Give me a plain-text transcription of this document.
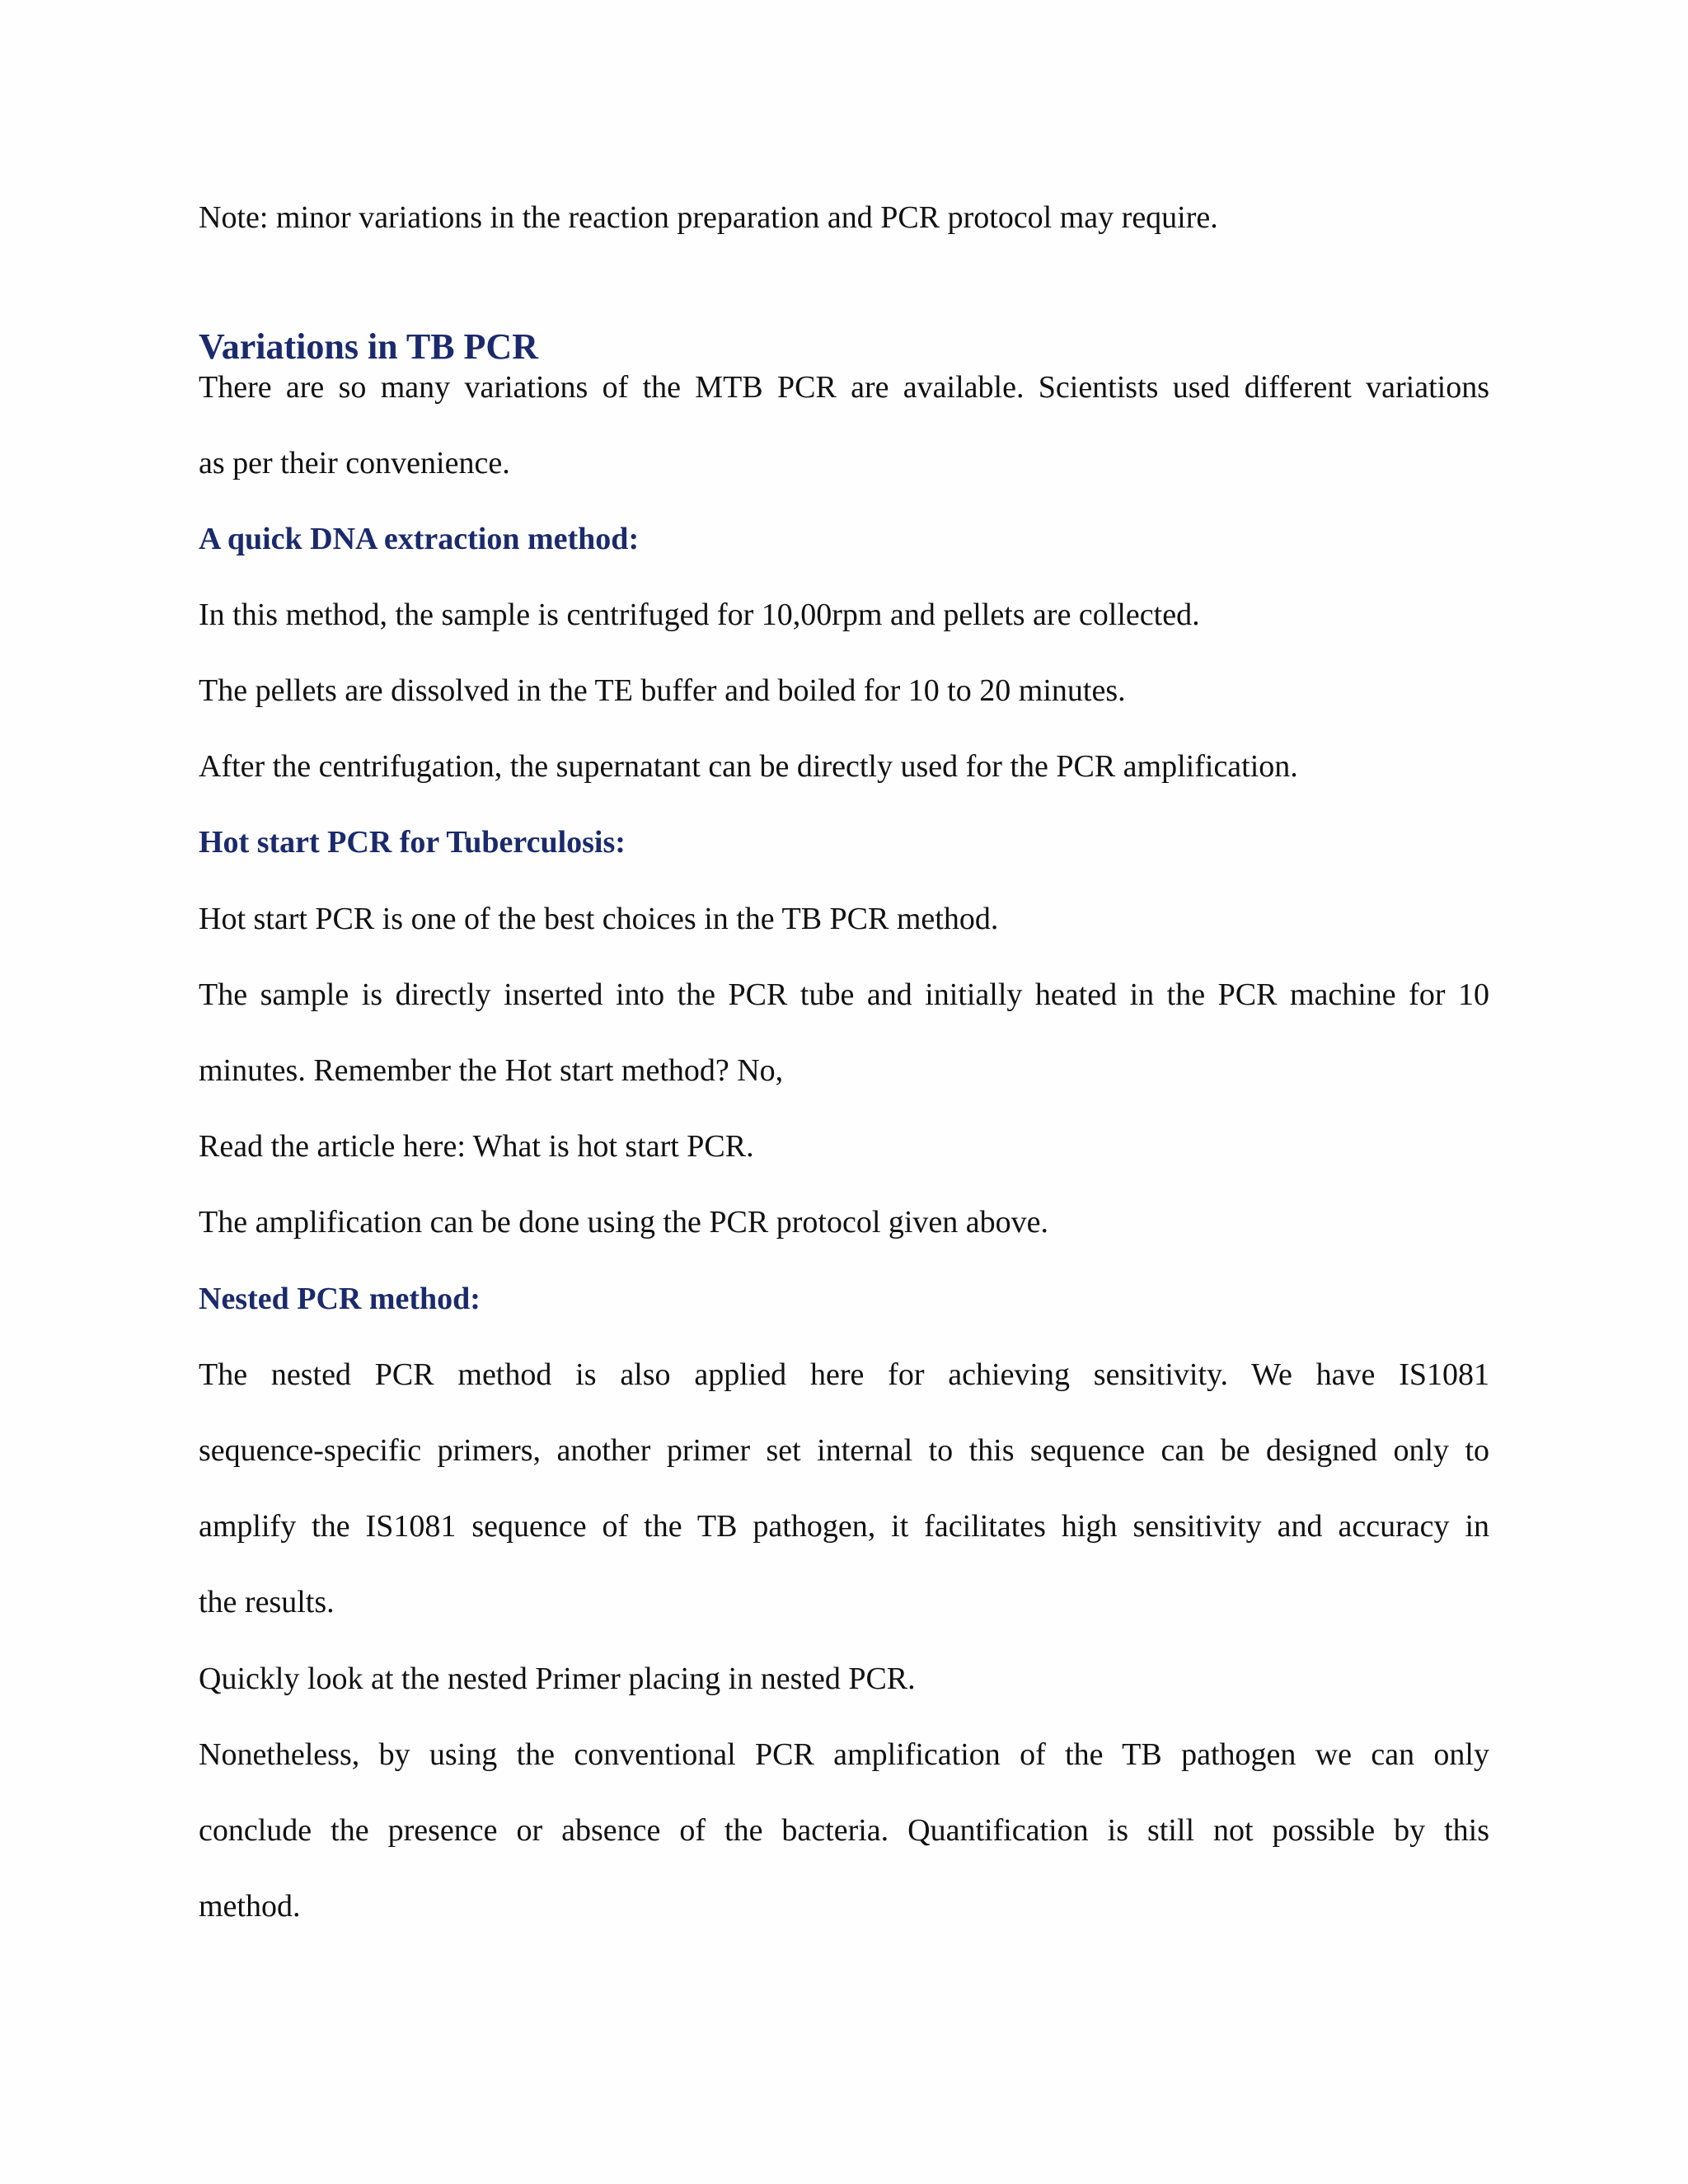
Note: minor variations in the reaction preparation and PCR protocol may require.

Variations in TB PCR

There are so many variations of the MTB PCR are available. Scientists used different variations

as per their convenience.

A quick DNA extraction method:

In this method, the sample is centrifuged for 10,00rpm and pellets are collected.

The pellets are dissolved in the TE buffer and boiled for 10 to 20 minutes.

After the centrifugation, the supernatant can be directly used for the PCR amplification.

Hot start PCR for Tuberculosis:

Hot start PCR is one of the best choices in the TB PCR method.

The sample is directly inserted into the PCR tube and initially heated in the PCR machine for 10

minutes. Remember the Hot start method? No,

Read the article here: What is hot start PCR.

The amplification can be done using the PCR protocol given above.

Nested PCR method:

The nested PCR method is also applied here for achieving sensitivity. We have IS1081

sequence-specific primers, another primer set internal to this sequence can be designed only to

amplify the IS1081 sequence of the TB pathogen, it facilitates high sensitivity and accuracy in

the results.

Quickly look at the nested Primer placing in nested PCR.

Nonetheless, by using the conventional PCR amplification of the TB pathogen we can only

conclude the presence or absence of the bacteria. Quantification is still not possible by this

method.
